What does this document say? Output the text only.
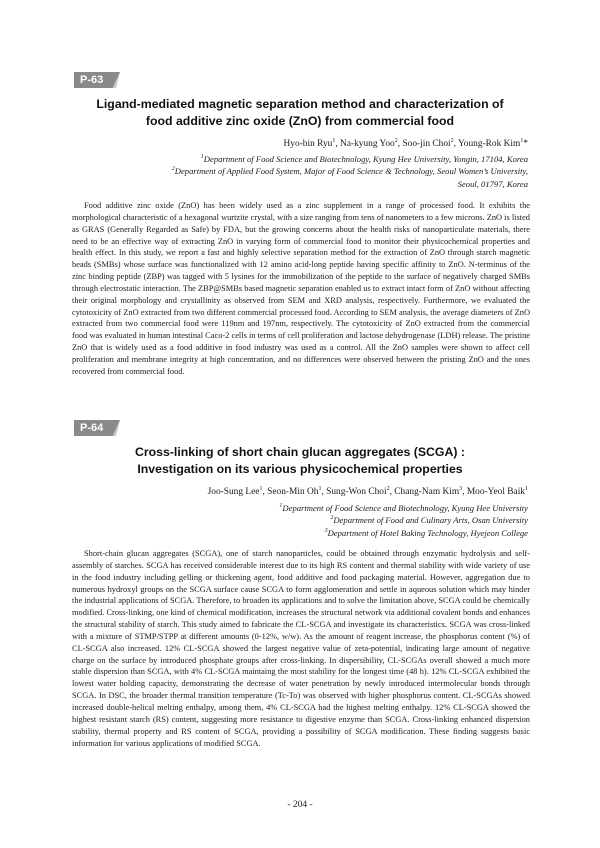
P-63
Ligand-mediated magnetic separation method and characterization of
food additive zinc oxide (ZnO) from commercial food
Hyo-bin Ryu$^1$, Na-kyung Yoo$^2$, Soo-jin Choi$^2$, Young-Rok Kim$^1$*

$^1$Department of Food Science and Biotechnology, Kyung Hee University, Yongin, 17104, Korea

$^2$Department of Applied Food System, Major of Food Science & Technology, Seoul Women’s University,

Seoul, 01797, Korea

Food additive zinc oxide (ZnO) has been widely used as a zinc supplement in a range of processed food. It exhibits the morphological characteristic of a hexagonal wurtzite crystal, with a size ranging from tens of nanometers to a few microns. ZnO is listed as GRAS (Generally Regarded as Safe) by FDA, but the growing concerns about the health risks of nanoparticulate materials, there need to be an effective way of extracting ZnO in varying form of commercial food to monitor their physicochemical properties and health effect. In this study, we report a fast and highly selective separation method for the extraction of ZnO through starch magnetic beads (SMBs) whose surface was functionalized with 12 amino acid-long peptide having specific affinity to ZnO. N-terminus of the zinc binding peptide (ZBP) was tagged with 5 lysines for the immobilization of the peptide to the surface of negatively charged SMBs through electrostatic interaction. The ZBP@SMBs based magnetic separation enabled us to extract intact form of ZnO without affecting their original morphology and crystallinity as observed from SEM and XRD analysis, respectively. Furthermore, we evaluated the cytotoxicity of ZnO extracted from two different commercial processed food. According to SEM analysis, the average diameters of ZnO extracted from two commercial food were 119nm and 197nm, respectively. The cytotoxicity of ZnO extracted from the commercial food was evaluated in human intestinal Caco-2 cells in terms of cell proliferation and lactose dehydrogenase (LDH) release. The pristine ZnO that is widely used as a food additive in food industry was used as a control. All the ZnO samples were shown to affect cell proliferation and membrane integrity at high concentration, and no differences were observed between the pristing ZnO and the ones recovered from commercial food.

P-64
Cross-linking of short chain glucan aggregates (SCGA) :
Investigation on its various physicochemical properties
Joo-Sung Lee$^1$, Seon-Min Oh$^1$, Sung-Won Choi$^2$, Chang-Nam Kim$^3$, Moo-Yeol Baik$^1$

$^1$Department of Food Science and Biotechnology, Kyung Hee University

$^2$Department of Food and Culinary Arts, Osan University

$^3$Department of Hotel Baking Technology, Hyejeon College

Short-chain glucan aggregates (SCGA), one of starch nanoparticles, could be obtained through enzymatic hydrolysis and self-assembly of starches. SCGA has received considerable interest due to its high RS content and thermal stability with wide variety of use in the food industry including gelling or thickening agent, food additive and food packaging material. However, aggregation due to numerous hydroxyl groups on the SCGA surface cause SCGA to form agglomeration and settle in aqueous solution which may hinder the industrial applications of SCGA. Therefore, to broaden its applications and to solve the limitation above, SCGA could be chemically modified. Cross-linking, one kind of chemical modification, increases the structural network via additional covalent bonds and enhances the structural stability of starch. This study aimed to fabricate the CL-SCGA and investigate its characteristics. SCGA was cross-linked with a mixture of STMP/STPP at different amounts (0-12%, w/w). As the amount of reagent increase, the phosphorus content (%) of CL-SCGA also increased. 12% CL-SCGA showed the largest negative value of zeta-potential, indicating large amount of negative charge on the surface by introduced phosphate groups after cross-linking. In dispersibility, CL-SCGAs overall showed a much more stable dispersion than SCGA, with 4% CL-SCGA maintaing the most stability for the longest time (48 h). 12% CL-SCGA exhibited the lowest water holding capacity, demonstrating the decrease of water penetration by newly introduced intermolecular bonds through SCGA. In DSC, the broader thermal transition temperature (Tc-To) was observed with higher phosphorus content. CL-SCGAs showed increased double-helical melting enthalpy, among them, 4% CL-SCGA had the highest melting enthalpy. 12% CL-SCGA showed the highest resistant starch (RS) content, suggesting more resistance to digestive enzyme than SCGA. Cross-linking enhanced dispersion stability, thermal property and RS content of SCGA, providing a possibility of SCGA modification. These finding suggests basic information for various applications of modified SCGA.

- 204 -
